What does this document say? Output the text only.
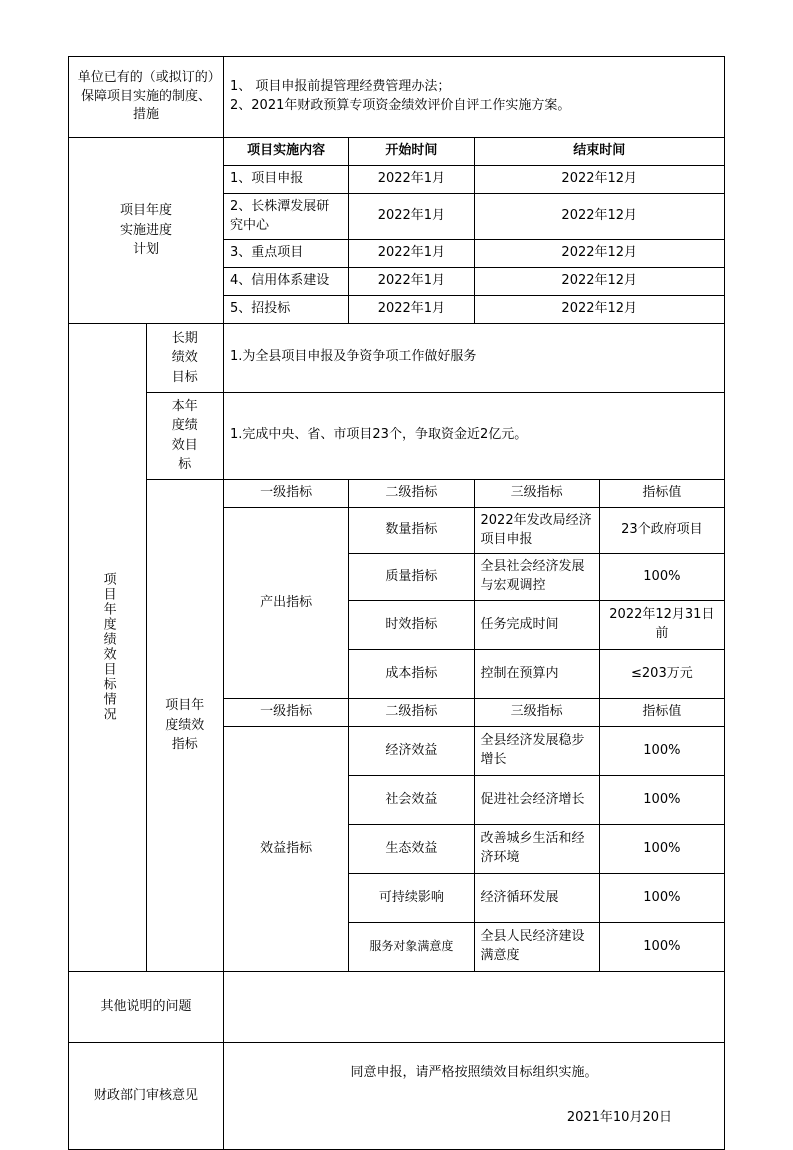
单位已有的（或拟订的）保障项目实施的制度、措施		1、 项目申报前提管理经费管理办法；
2、2021年财政预算专项资金绩效评价自评工作实施方案。			

项目年度实施进度计划		项目实施内容	开始时间	结束时间	
		1、项目申报	2022年1月	2022年12月	
		2、长株潭发展研究中心	2022年1月	2022年12月	
		3、重点项目	2022年1月	2022年12月	
		4、信用体系建设	2022年1月	2022年12月	
		5、招投标	2022年1月	2022年12月	

项目年度绩效目标情况	长期绩效目标	1.为全县项目申报及争资争项工作做好服务			

	本年度绩效目标	1.完成中央、省、市项目23个，争取资金近2亿元。			

	项目年度绩效指标	一级指标	二级指标	三级指标	指标值
		产出指标	数量指标	2022年发改局经济项目申报	23个政府项目
			质量指标	全县社会经济发展与宏观调控	100%
			时效指标	任务完成时间	2022年12月31日前
			成本指标	控制在预算内	≤203万元
		一级指标	二级指标	三级指标	指标值
		效益指标	经济效益	全县经济发展稳步增长	100%
			社会效益	促进社会经济增长	100%
			生态效益	改善城乡生活和经济环境	100%
			可持续影响	经济循环发展	100%
			服务对象满意度	全县人民经济建设满意度	100%
其他说明的问题					
财政部门审核意见		同意申报，请严格按照绩效目标组织实施。
2021年10月20日			
